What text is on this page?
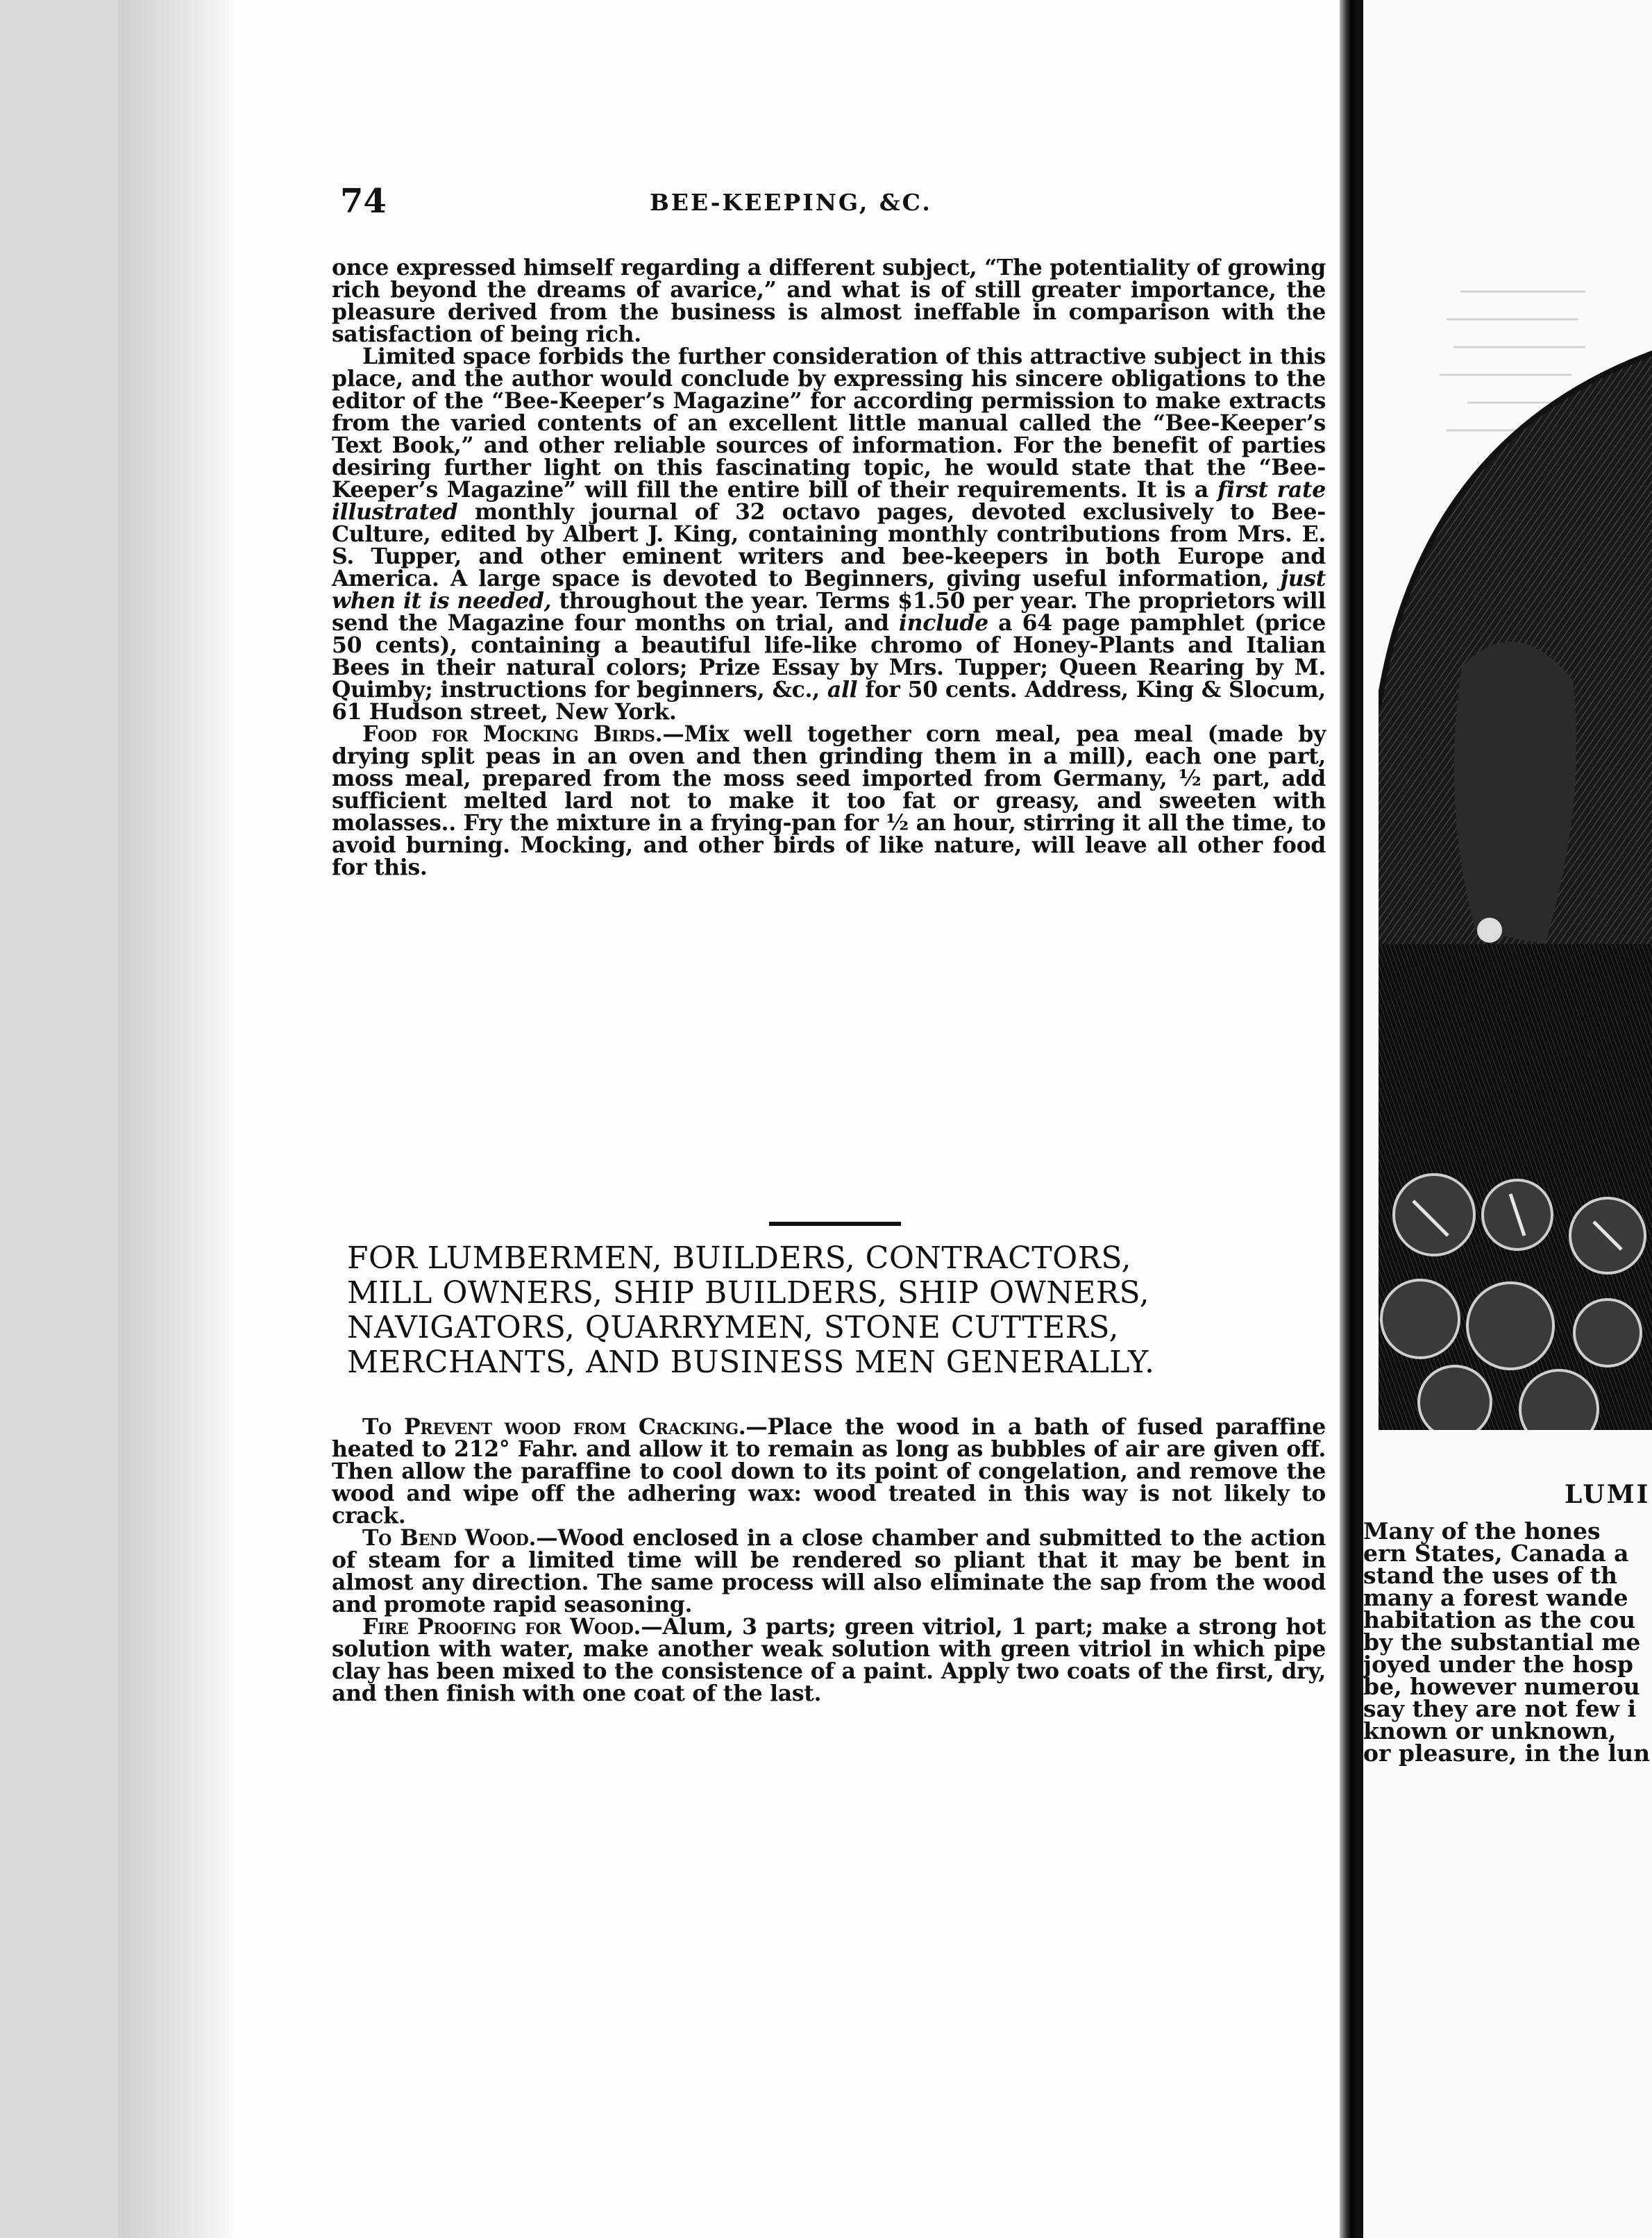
74	BEE-KEEPING, &C.

once expressed himself regarding a different subject, “The potentiality of growing rich beyond the dreams of avarice,” and what is of still greater importance, the pleasure derived from the business is almost ineffable in comparison with the satisfaction of being rich.

Limited space forbids the further consideration of this attractive subject in this place, and the author would conclude by expressing his sincere obligations to the editor of the “Bee-Keeper’s Magazine” for according permission to make extracts from the varied contents of an excellent little manual called the “Bee-Keeper’s Text Book,” and other reliable sources of information. For the benefit of parties desiring further light on this fascinating topic, he would state that the “Bee-Keeper’s Magazine” will fill the entire bill of their requirements. It is a first rate illustrated monthly journal of 32 octavo pages, devoted exclusively to Bee-Culture, edited by Albert J. King, containing monthly contributions from Mrs. E. S. Tupper, and other eminent writers and bee-keepers in both Europe and America. A large space is devoted to Beginners, giving useful information, just when it is needed, throughout the year. Terms $1.50 per year. The proprietors will send the Magazine four months on trial, and include a 64 page pamphlet (price 50 cents), containing a beautiful life-like chromo of Honey-Plants and Italian Bees in their natural colors; Prize Essay by Mrs. Tupper; Queen Rearing by M. Quimby; instructions for beginners, &c., all for 50 cents. Address, King & Slocum, 61 Hudson street, New York.

Food for Mocking Birds.—Mix well together corn meal, pea meal (made by drying split peas in an oven and then grinding them in a mill), each one part, moss meal, prepared from the moss seed imported from Germany, ½ part, add sufficient melted lard not to make it too fat or greasy, and sweeten with molasses.. Fry the mixture in a frying-pan for ½ an hour, stirring it all the time, to avoid burning. Mocking, and other birds of like nature, will leave all other food for this.

FOR LUMBERMEN, BUILDERS, CONTRACTORS,
MILL OWNERS, SHIP BUILDERS, SHIP OWNERS,
NAVIGATORS, QUARRYMEN, STONE CUTTERS,
MERCHANTS, AND BUSINESS MEN GENERALLY.

To Prevent wood from Cracking.—Place the wood in a bath of fused paraffine heated to 212° Fahr. and allow it to remain as long as bubbles of air are given off. Then allow the paraffine to cool down to its point of congelation, and remove the wood and wipe off the adhering wax: wood treated in this way is not likely to crack.

To Bend Wood.—Wood enclosed in a close chamber and submitted to the action of steam for a limited time will be rendered so pliant that it may be bent in almost any direction. The same process will also eliminate the sap from the wood and promote rapid seasoning.

Fire Proofing for Wood.—Alum, 3 parts; green vitriol, 1 part; make a strong hot solution with water, make another weak solution with green vitriol in which pipe clay has been mixed to the consistence of a paint. Apply two coats of the first, dry, and then finish with one coat of the last.

LUMI
Many of the hones
ern States, Canada a
stand the uses of th
many a forest wande
habitation as the cou
by the substantial me
joyed under the hosp
be, however numerou
say they are not few i
known or unknown,
or pleasure, in the lun
